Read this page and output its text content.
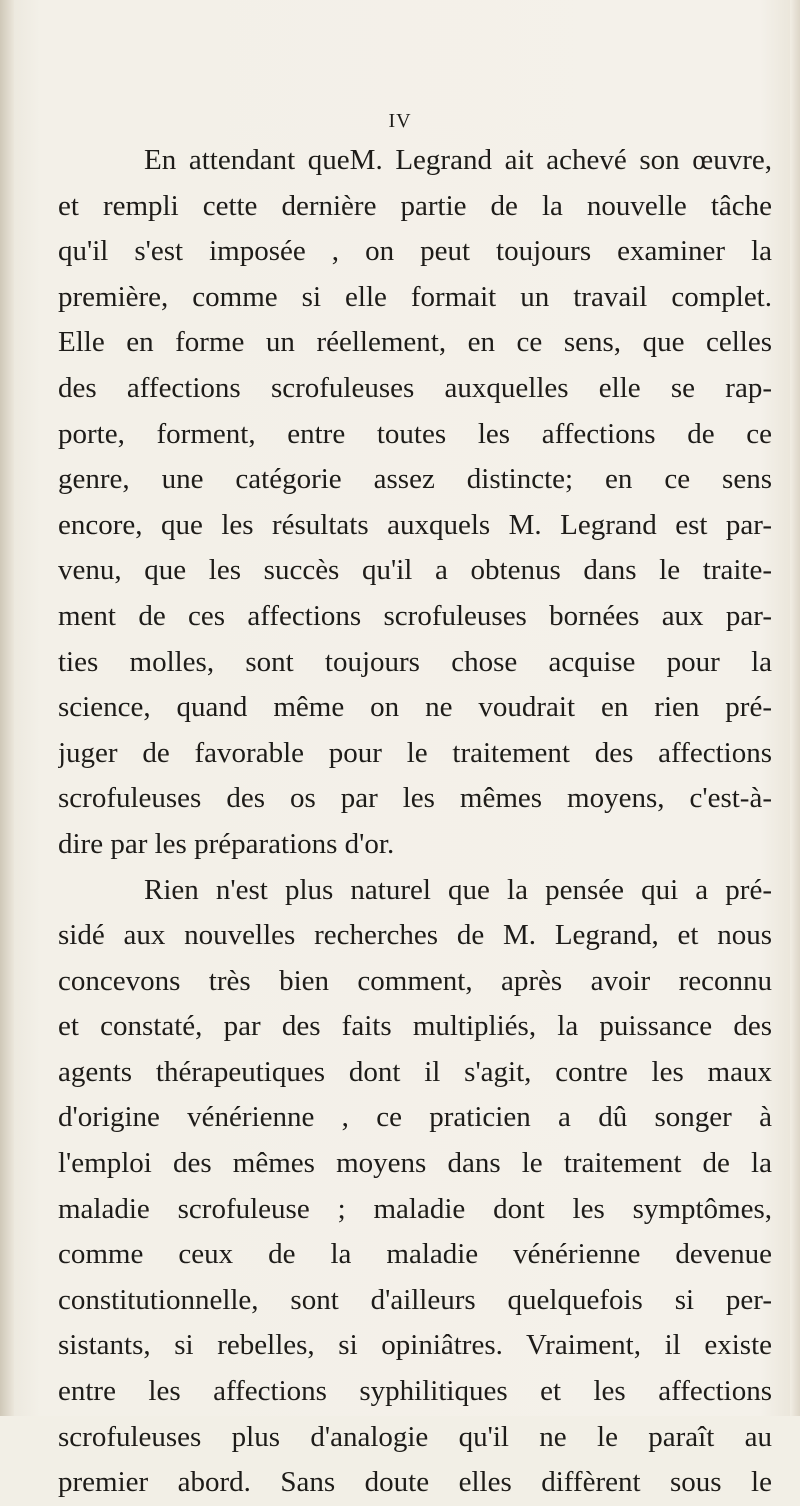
IV
En attendant queM. Legrand ait achevé son œuvre,
et rempli cette dernière partie de la nouvelle tâche
qu'il s'est imposée , on peut toujours examiner la
première, comme si elle formait un travail complet.
Elle en forme un réellement, en ce sens, que celles
des affections scrofuleuses auxquelles elle se rap-
porte, forment, entre toutes les affections de ce
genre, une catégorie assez distincte; en ce sens
encore, que les résultats auxquels M. Legrand est par-
venu, que les succès qu'il a obtenus dans le traite-
ment de ces affections scrofuleuses bornées aux par-
ties molles, sont toujours chose acquise pour la
science, quand même on ne voudrait en rien pré-
juger de favorable pour le traitement des affections
scrofuleuses des os par les mêmes moyens, c'est-à-
dire par les préparations d'or.
Rien n'est plus naturel que la pensée qui a pré-
sidé aux nouvelles recherches de M. Legrand, et nous
concevons très bien comment, après avoir reconnu
et constaté, par des faits multipliés, la puissance des
agents thérapeutiques dont il s'agit, contre les maux
d'origine vénérienne , ce praticien a dû songer à
l'emploi des mêmes moyens dans le traitement de la
maladie scrofuleuse ; maladie dont les symptômes,
comme ceux de la maladie vénérienne devenue
constitutionnelle, sont d'ailleurs quelquefois si per-
sistants, si rebelles, si opiniâtres. Vraiment, il existe
entre les affections syphilitiques et les affections
scrofuleuses plus d'analogie qu'il ne le paraît au
premier abord. Sans doute elles diffèrent sous le
